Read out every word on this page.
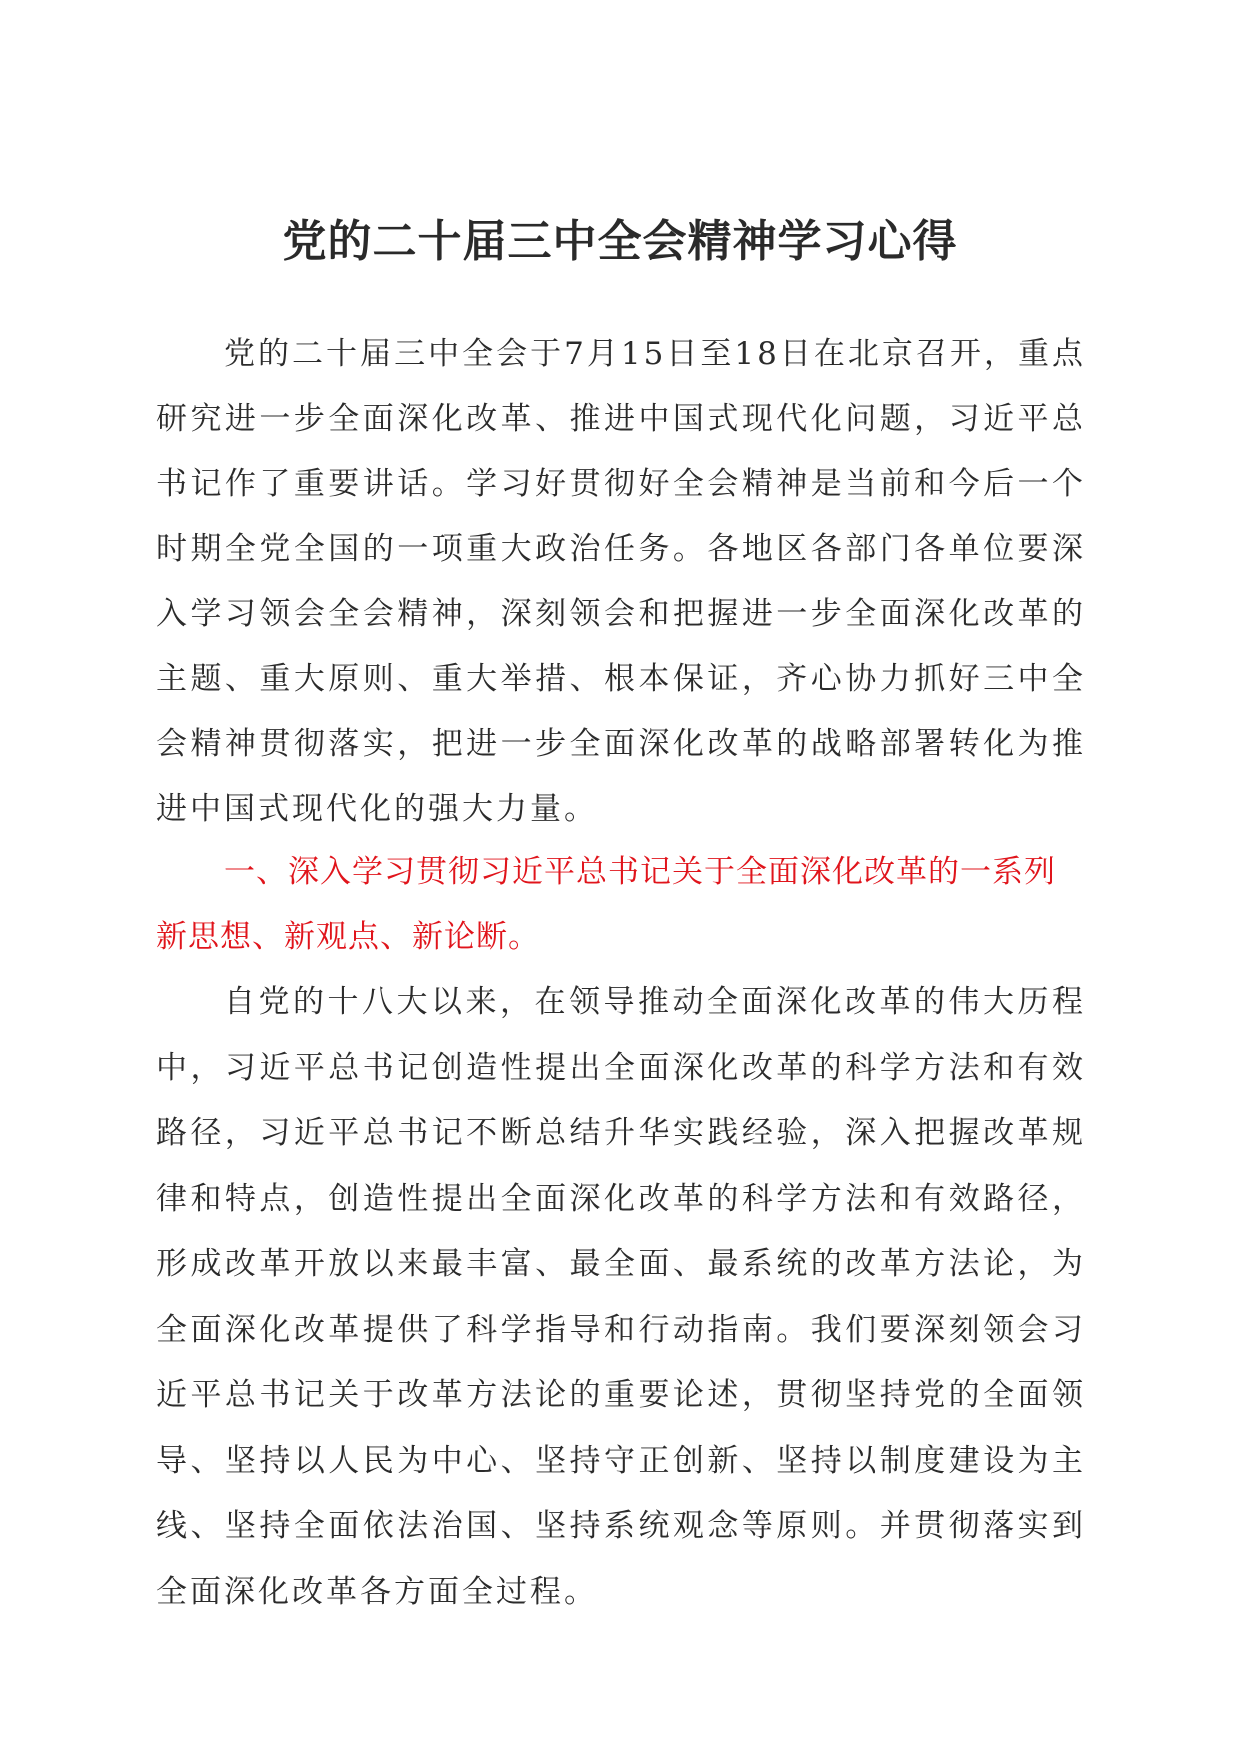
党的二十届三中全会精神学习心得

党的二十届三中全会于7月15日至18日在北京召开，重点研究进一步全面深化改革、推进中国式现代化问题，习近平总书记作了重要讲话。学习好贯彻好全会精神是当前和今后一个时期全党全国的一项重大政治任务。各地区各部门各单位要深入学习领会全会精神，深刻领会和把握进一步全面深化改革的主题、重大原则、重大举措、根本保证，齐心协力抓好三中全会精神贯彻落实，把进一步全面深化改革的战略部署转化为推进中国式现代化的强大力量。

一、深入学习贯彻习近平总书记关于全面深化改革的一系列新思想、新观点、新论断。

自党的十八大以来，在领导推动全面深化改革的伟大历程中，习近平总书记创造性提出全面深化改革的科学方法和有效路径，习近平总书记不断总结升华实践经验，深入把握改革规律和特点，创造性提出全面深化改革的科学方法和有效路径，形成改革开放以来最丰富、最全面、最系统的改革方法论，为全面深化改革提供了科学指导和行动指南。我们要深刻领会习近平总书记关于改革方法论的重要论述，贯彻坚持党的全面领导、坚持以人民为中心、坚持守正创新、坚持以制度建设为主线、坚持全面依法治国、坚持系统观念等原则。并贯彻落实到全面深化改革各方面全过程。
